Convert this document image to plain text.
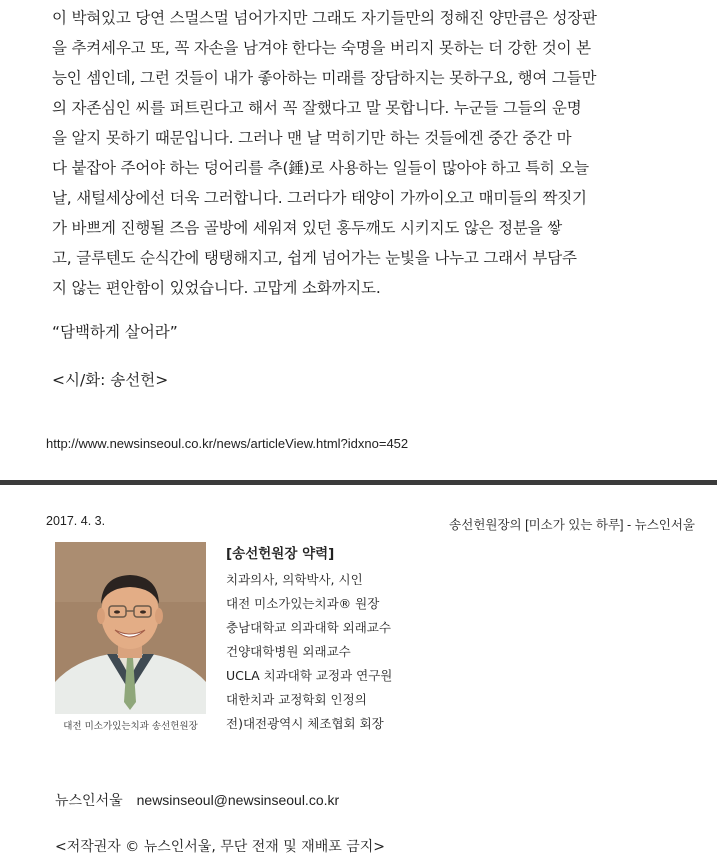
이 박혀있고 당연 스멀스멀 넘어가지만 그래도 자기들만의 정해진 양만큼은 성장판
을 추켜세우고 또, 꼭 자손을 남겨야 한다는 숙명을 버리지 못하는 더 강한 것이 본
능인 셈인데, 그런 것들이 내가 좋아하는 미래를 장담하지는 못하구요, 행여 그들만
의 자존심인 씨를 퍼트린다고 해서 꼭 잘했다고 말 못합니다. 누군들 그들의 운명
을 알지 못하기 때문입니다. 그러나 맨 날 먹히기만 하는 것들에겐 중간 중간 마
다 붙잡아 주어야 하는 덩어리를 추(錘)로 사용하는 일들이 많아야 하고 특히 오늘
날, 새털세상에선 더욱 그러합니다. 그러다가 태양이 가까이오고 매미들의 짝짓기
가 바쁘게 진행될 즈음 골방에 세워져 있던 홍두깨도 시키지도 않은 정분을 쌓
고, 글루텐도 순식간에 탱탱해지고, 쉽게 넘어가는 눈빛을 나누고 그래서 부담주
지 않는 편안함이 있었습니다. 고맙게 소화까지도.
“담백하게 살어라”
<시/화: 송선헌>
http://www.newsinseoul.co.kr/news/articleView.html?idxno=452
2017. 4. 3.	송선헌원장의 [미소가 있는 하루] - 뉴스인서울
대전 미소가있는치과 송선헌원장
[송선헌원장 약력]
치과의사, 의학박사, 시인
대전 미소가있는치과® 원장
충남대학교 의과대학 외래교수
건양대학병원 외래교수
UCLA 치과대학 교정과 연구원
대한치과 교정학회 인정의
전)대전광역시 체조협회 회장
뉴스인서울 newsinseoul@newsinseoul.co.kr
<저작권자 © 뉴스인서울, 무단 전재 및 재배포 금지>
